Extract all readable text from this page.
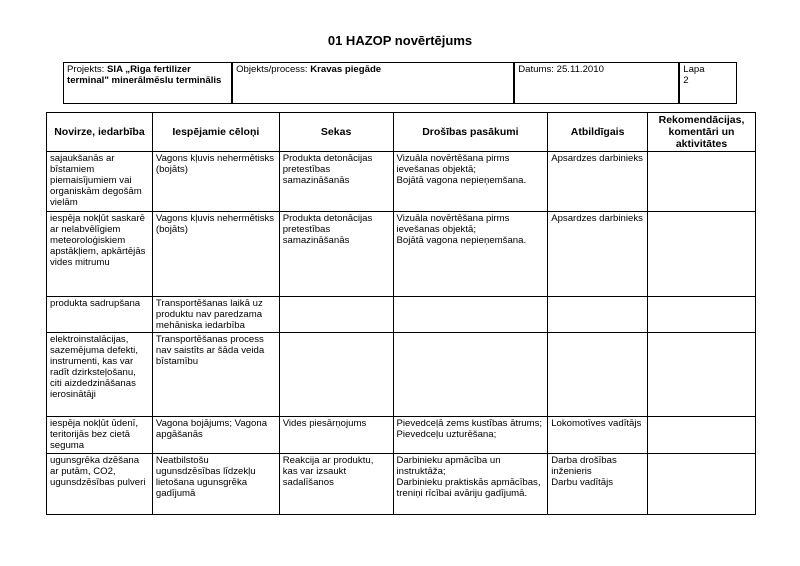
01 HAZOP novērtējums
Projekts: SIA „Riga fertilizer terminal" minerālmēslu terminālis	Objekts/process: Kravas piegāde	Datums: 25.11.2010	Lapa
2
Novirze, iedarbība	Iespējamie cēloņi	Sekas	Drošības pasākumi	Atbildīgais	Rekomendācijas, komentāri un aktivitātes
sajaukšanās ar bīstamiem piemaisījumiem vai organiskām degošām vielām	Vagons kļuvis nehermētisks (bojāts)	Produkta detonācijas pretestības samazināšanās	Vizuāla novērtēšana pirms ievešanas objektā;
Bojātā vagona nepieņemšana.	Apsardzes darbinieks	

iespēja nokļūt saskarē ar nelabvēlīgiem meteoroloģiskiem apstākļiem, apkārtējās vides mitrumu	Vagons kļuvis nehermētisks (bojāts)	Produkta detonācijas pretestības samazināšanās	Vizuāla novērtēšana pirms ievešanas objektā;
Bojātā vagona nepieņemšana.	Apsardzes darbinieks	

produkta sadrupšana	Transportēšanas laikā uz produktu nav paredzama mehāniska iedarbība				
elektroinstalācijas, sazemējuma defekti, instrumenti, kas var radīt dzirksteļošanu, citi aizdedzināšanas ierosinātāji	Transportēšanas process nav saistīts ar šāda veida bīstamību				
iespēja nokļūt ūdenī, teritorijās bez cietā seguma	Vagona bojājums; Vagona apgāšanās	Vides piesārņojums	Pievedceļā zems kustības ātrums;
Pievedceļu uzturēšana;	Lokomotīves vadītājs	

ugunsgrēka dzēšana ar putām, CO2, ugunsdzēsības pulveri	Neatbilstošu ugunsdzēsības līdzekļu lietošana ugunsgrēka gadījumā	Reakcija ar produktu, kas var izsaukt sadalīšanos	Darbinieku apmācība un instruktāža;
Darbinieku praktiskās apmācības, treniņi rīcībai avāriju gadījumā.	Darba drošības inženieris
Darbu vadītājs	
